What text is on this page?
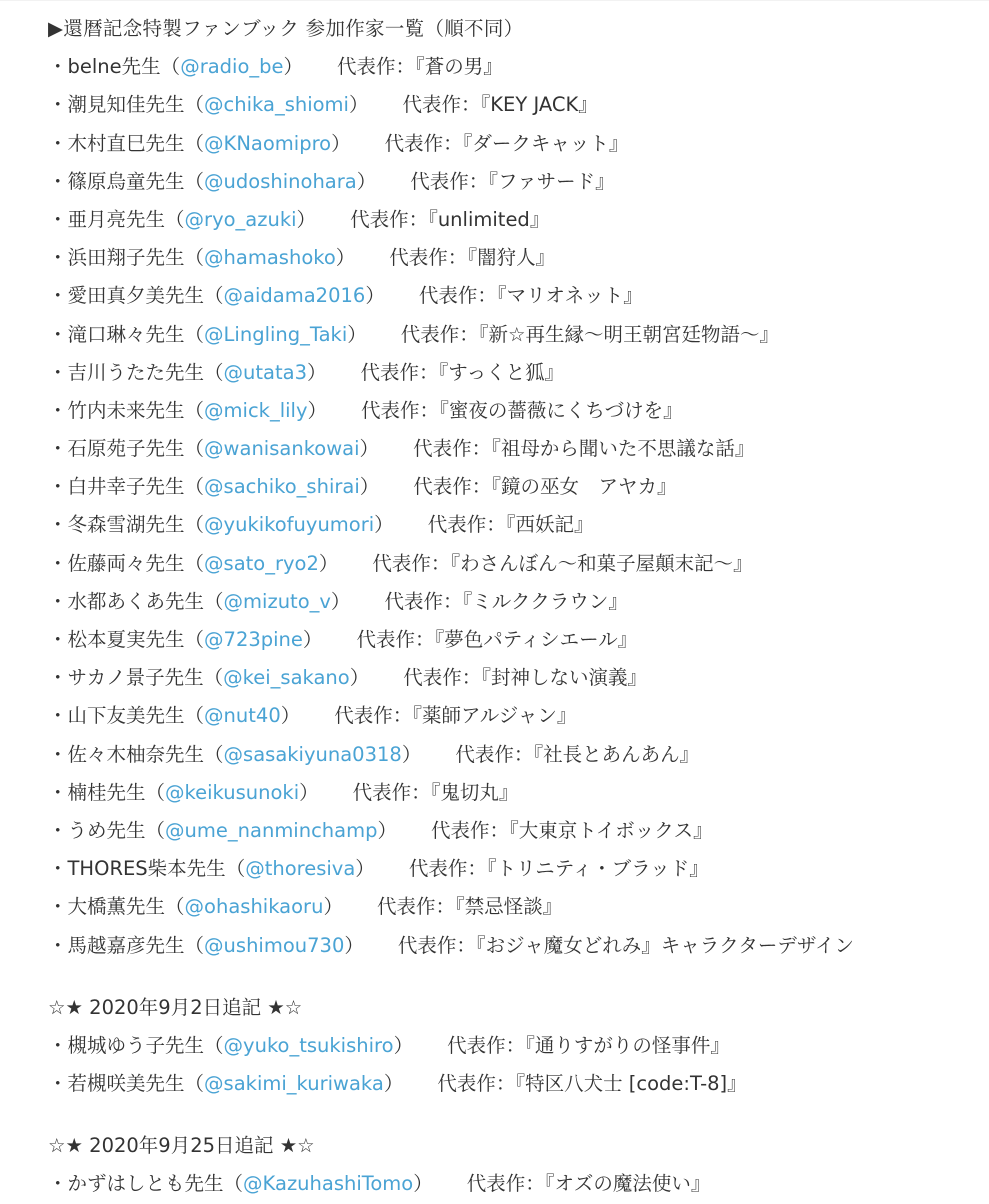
▶還暦記念特製ファンブック 参加作家一覧（順不同）
・belne先生（@radio_be） 代表作：『蒼の男』
・潮見知佳先生（@chika_shiomi） 代表作：『KEY JACK』
・木村直巳先生（@KNaomipro） 代表作：『ダークキャット』
・篠原烏童先生（@udoshinohara） 代表作：『ファサード』
・亜月亮先生（@ryo_azuki） 代表作：『unlimited』
・浜田翔子先生（@hamashoko） 代表作：『闇狩人』
・愛田真夕美先生（@aidama2016） 代表作：『マリオネット』
・滝口琳々先生（@Lingling_Taki） 代表作：『新☆再生縁～明王朝宮廷物語～』
・吉川うたた先生（@utata3） 代表作：『すっくと狐』
・竹内未来先生（@mick_lily） 代表作：『蜜夜の薔薇にくちづけを』
・石原苑子先生（@wanisankowai） 代表作：『祖母から聞いた不思議な話』
・白井幸子先生（@sachiko_shirai） 代表作：『鏡の巫女　アヤカ』
・冬森雪湖先生（@yukikofuyumori） 代表作：『西妖記』
・佐藤両々先生（@sato_ryo2） 代表作：『わさんぼん～和菓子屋顛末記～』
・水都あくあ先生（@mizuto_v） 代表作：『ミルククラウン』
・松本夏実先生（@723pine） 代表作：『夢色パティシエール』
・サカノ景子先生（@kei_sakano） 代表作：『封神しない演義』
・山下友美先生（@nut40） 代表作：『薬師アルジャン』
・佐々木柚奈先生（@sasakiyuna0318） 代表作：『社長とあんあん』
・楠桂先生（@keikusunoki） 代表作：『鬼切丸』
・うめ先生（@ume_nanminchamp） 代表作：『大東京トイボックス』
・THORES柴本先生（@thoresiva） 代表作：『トリニティ・ブラッド』
・大橋薫先生（@ohashikaoru） 代表作：『禁忌怪談』
・馬越嘉彦先生（@ushimou730） 代表作：『おジャ魔女どれみ』キャラクターデザイン
☆★ 2020年9月2日追記 ★☆
・槻城ゆう子先生（@yuko_tsukishiro） 代表作：『通りすがりの怪事件』
・若槻咲美先生（@sakimi_kuriwaka） 代表作：『特区八犬士 [code:T-8]』
☆★ 2020年9月25日追記 ★☆
・かずはしとも先生（@KazuhashiTomo） 代表作：『オズの魔法使い』
